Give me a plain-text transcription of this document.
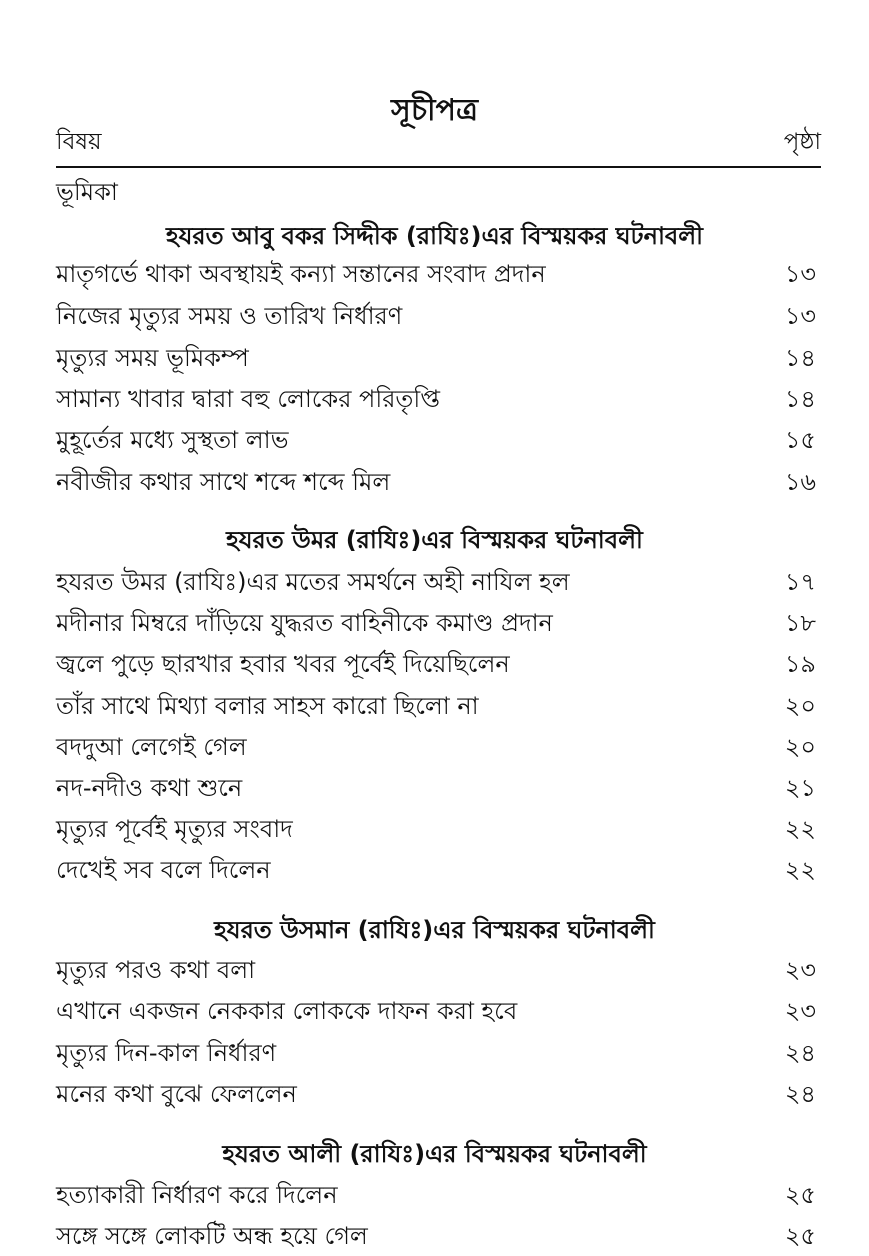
সূচীপত্র
বিষয়	পৃষ্ঠা
ভূমিকা
হযরত আবু বকর সিদ্দীক (রাযিঃ)এর বিস্ময়কর ঘটনাবলী
মাতৃগর্ভে থাকা অবস্থায়ই কন্যা সন্তানের সংবাদ প্রদান	১৩
নিজের মৃত্যুর সময় ও তারিখ নির্ধারণ	১৩
মৃত্যুর সময় ভূমিকম্প	১৪
সামান্য খাবার দ্বারা বহু লোকের পরিতৃপ্তি	১৪
মুহূর্তের মধ্যে সুস্থতা লাভ	১৫
নবীজীর কথার সাথে শব্দে শব্দে মিল	১৬
হযরত উমর (রাযিঃ)এর বিস্ময়কর ঘটনাবলী
হযরত উমর (রাযিঃ)এর মতের সমর্থনে অহী নাযিল হল	১৭
মদীনার মিম্বরে দাঁড়িয়ে যুদ্ধরত বাহিনীকে কমাণ্ড প্রদান	১৮
জ্বলে পুড়ে ছারখার হবার খবর পূর্বেই দিয়েছিলেন	১৯
তাঁর সাথে মিথ্যা বলার সাহস কারো ছিলো না	২০
বদদুআ লেগেই গেল	২০
নদ-নদীও কথা শুনে	২১
মৃত্যুর পূর্বেই মৃত্যুর সংবাদ	২২
দেখেই সব বলে দিলেন	২২
হযরত উসমান (রাযিঃ)এর বিস্ময়কর ঘটনাবলী
মৃত্যুর পরও কথা বলা	২৩
এখানে একজন নেককার লোককে দাফন করা হবে	২৩
মৃত্যুর দিন-কাল নির্ধারণ	২৪
মনের কথা বুঝে ফেললেন	২৪
হযরত আলী (রাযিঃ)এর বিস্ময়কর ঘটনাবলী
হত্যাকারী নির্ধারণ করে দিলেন	২৫
সঙ্গে সঙ্গে লোকটি অন্ধ হয়ে গেল	২৫
